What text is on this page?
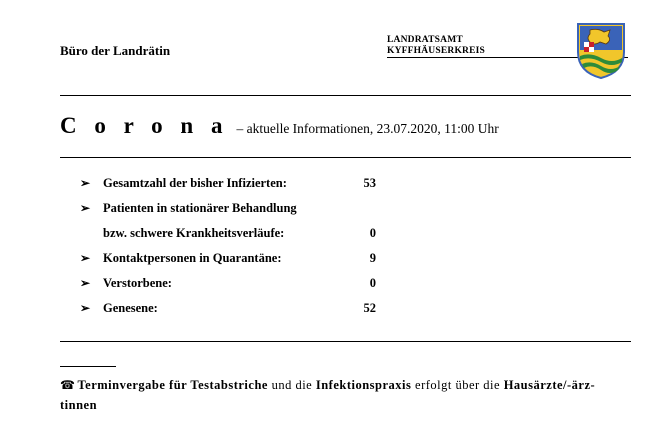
Büro der Landrätin
LANDRATSAMT
KYFFHÄUSERKREIS
C o r o n a – aktuelle Informationen, 23.07.2020, 11:00 Uhr
➢ Gesamtzahl der bisher Infizierten:	53
➢ Patienten in stationärer Behandlung
bzw. schwere Krankheitsverläufe:	0
➢ Kontaktpersonen in Quarantäne:	9
➢ Verstorbene:	0
➢ Genesene:	52
☎ Terminvergabe für Testabstriche und die Infektionspraxis erfolgt über die Hausärzte/-ärz-
tinnen
